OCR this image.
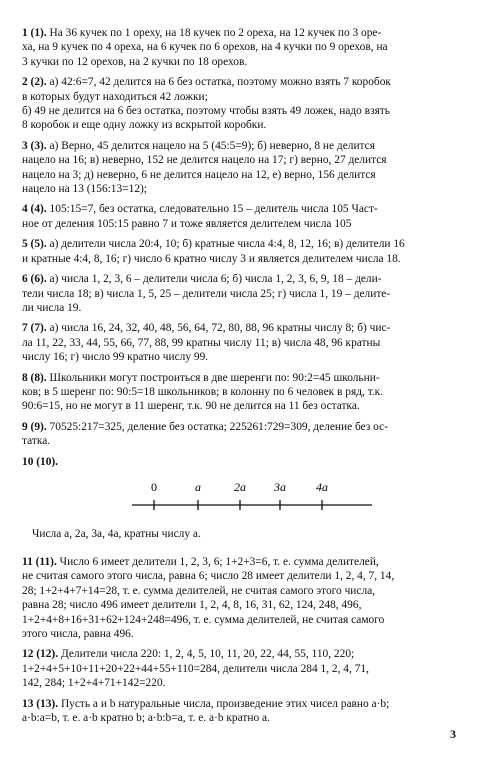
1 (1). На 36 кучек по 1 ореху, на 18 кучек по 2 ореха, на 12 кучек по 3 оре-
ха, на 9 кучек по 4 ореха, на 6 кучек по 6 орехов, на 4 кучки по 9 орехов, на
3 кучки по 12 орехов, на 2 кучки по 18 орехов.
2 (2). а) 42:6=7, 42 делится на 6 без остатка, поэтому можно взять 7 коробок
в которых будут находиться 42 ложки;
б) 49 не делится на 6 без остатка, поэтому чтобы взять 49 ложек, надо взять
8 коробок и еще одну ложку из вскрытой коробки.
3 (3). а) Верно, 45 делится нацело на 5 (45:5=9); б) неверно, 8 не делится
нацело на 16; в) неверно, 152 не делится нацело на 17; г) верно, 27 делится
нацело на 3; д) неверно, 6 не делится нацело на 12, е) верно, 156 делится
нацело на 13 (156:13=12);
4 (4). 105:15=7, без остатка, следовательно 15 – делитель числа 105 Част-
ное от деления 105:15 равно 7 и тоже является делителем числа 105
5 (5). а) делители числа 20:4, 10; б) кратные числа 4:4, 8, 12, 16; в) делители 16
и кратные 4:4, 8, 16; г) число 6 кратно числу 3 и является делителем числа 18.
6 (6). а) числа 1, 2, 3, 6 – делители числа 6; б) числа 1, 2, 3, 6, 9, 18 – дели-
тели числа 18; в) числа 1, 5, 25 – делители числа 25; г) числа 1, 19 – делите-
ли числа 19.
7 (7). а) числа 16, 24, 32, 40, 48, 56, 64, 72, 80, 88, 96 кратны числу 8; б) чис-
ла 11, 22, 33, 44, 55, 66, 77, 88, 99 кратны числу 11; в) числа 48, 96 кратны
числу 16; г) число 99 кратно числу 99.
8 (8). Школьники могут построиться в две шеренги по: 90:2=45 школьни-
ков; в 5 шеренг по: 90:5=18 школьников; в колонну по 6 человек в ряд, т.к.
90:6=15, но не могут в 11 шеренг, т.к. 90 не делится на 11 без остатка.
9 (9). 70525:217=325, деление без остатка; 225261:729=309, деление без ос-
татка.
10 (10).
0	a	2a 3a	4a
Числа a, 2a, 3a, 4a, кратны числу a.
11 (11). Число 6 имеет делители 1, 2, 3, 6; 1+2+3=6, т. е. сумма делителей,
не считая самого этого числа, равна 6; число 28 имеет делители 1, 2, 4, 7, 14,
28; 1+2+4+7+14=28, т. е. сумма делителей, не считая самого этого числа,
равна 28; число 496 имеет делители 1, 2, 4, 8, 16, 31, 62, 124, 248, 496,
1+2+4+8+16+31+62+124+248=496, т. е. сумма делителей, не считая самого
этого числа, равна 496.
12 (12). Делители числа 220: 1, 2, 4, 5, 10, 11, 20, 22, 44, 55, 110, 220;
1+2+4+5+10+11+20+22+44+55+110=284, делители числа 284 1, 2, 4, 71,
142, 284; 1+2+4+71+142=220.
13 (13). Пусть a и b натуральные числа, произведение этих чисел равно a·b;
a·b:a=b, т. е. a·b кратно b; a·b:b=a, т. е. a·b кратно a.
3
